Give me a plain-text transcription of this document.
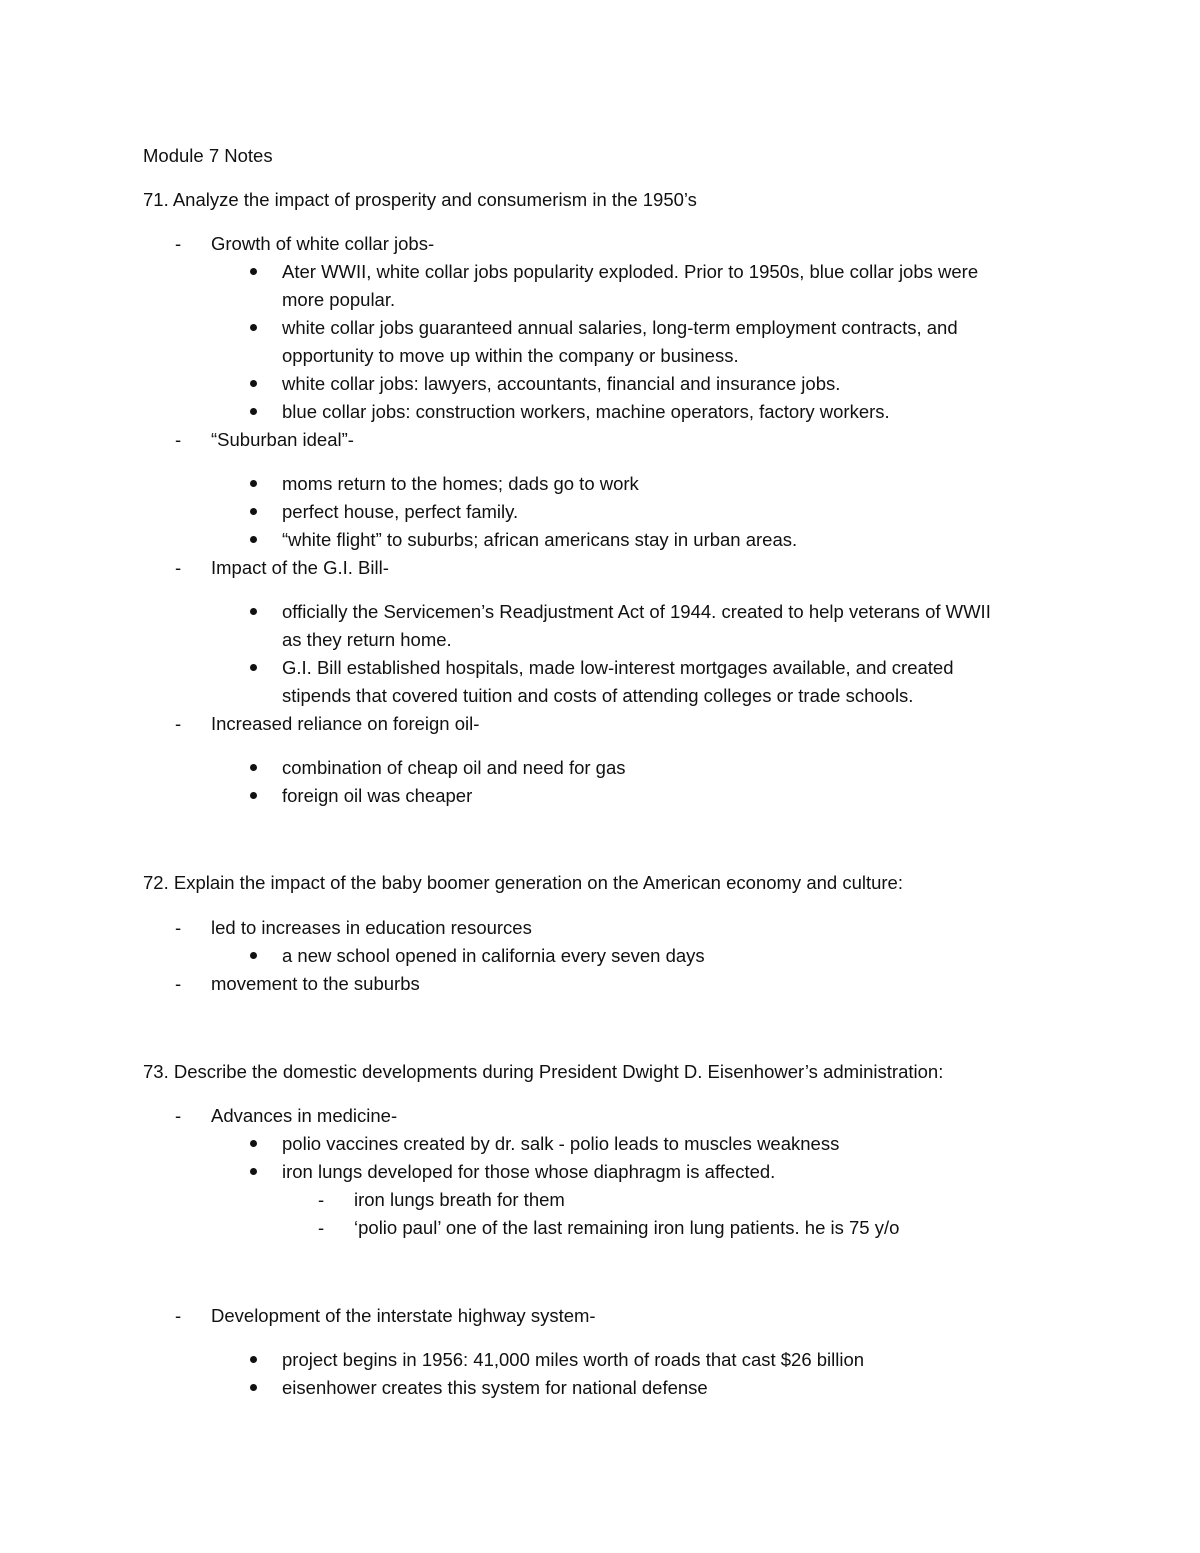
Module 7 Notes
71. Analyze the impact of prosperity and consumerism in the 1950’s
- Growth of white collar jobs-
Ater WWII, white collar jobs popularity exploded. Prior to 1950s, blue collar jobs were
more popular.
white collar jobs guaranteed annual salaries, long-term employment contracts, and
opportunity to move up within the company or business.
white collar jobs: lawyers, accountants, financial and insurance jobs.
blue collar jobs: construction workers, machine operators, factory workers.
- “Suburban ideal”-
moms return to the homes; dads go to work
perfect house, perfect family.
“white flight” to suburbs; african americans stay in urban areas.
- Impact of the G.I. Bill-
officially the Servicemen’s Readjustment Act of 1944. created to help veterans of WWII
as they return home.
G.I. Bill established hospitals, made low-interest mortgages available, and created
stipends that covered tuition and costs of attending colleges or trade schools.
- Increased reliance on foreign oil-
combination of cheap oil and need for gas
foreign oil was cheaper
72. Explain the impact of the baby boomer generation on the American economy and culture:
- led to increases in education resources
a new school opened in california every seven days
- movement to the suburbs
73. Describe the domestic developments during President Dwight D. Eisenhower’s administration:
- Advances in medicine-
polio vaccines created by dr. salk - polio leads to muscles weakness
iron lungs developed for those whose diaphragm is affected.
- iron lungs breath for them
- ‘polio paul’ one of the last remaining iron lung patients. he is 75 y/o
- Development of the interstate highway system-
project begins in 1956: 41,000 miles worth of roads that cast $26 billion
eisenhower creates this system for national defense
